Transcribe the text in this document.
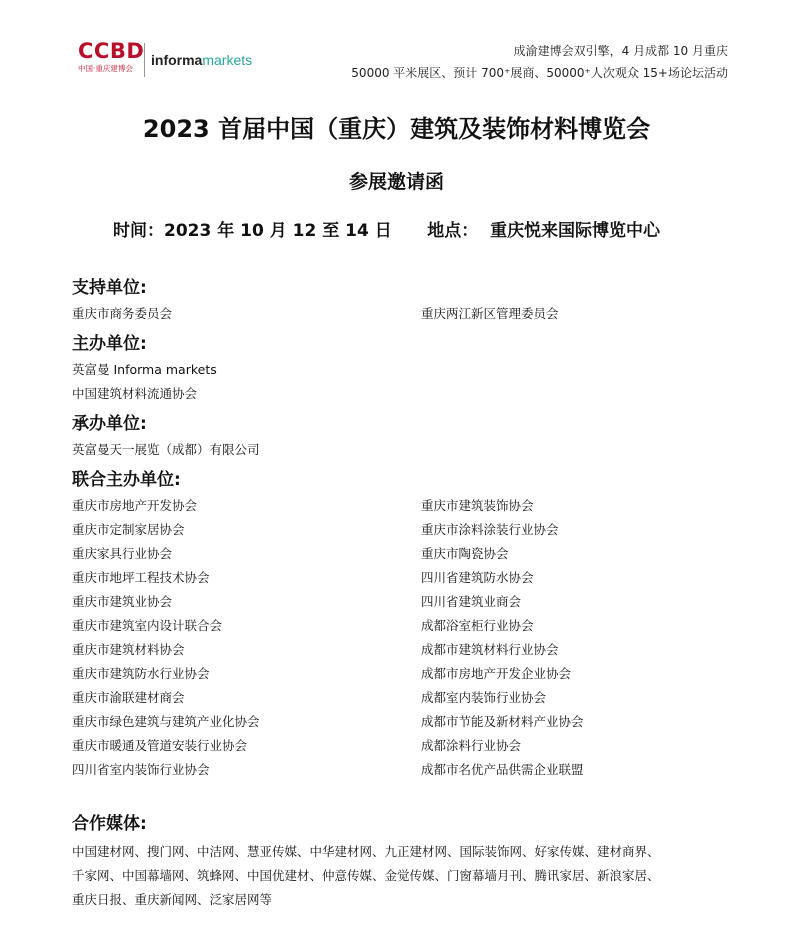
CCBD
中国·重庆建博会
informamarkets
成渝建博会双引擎，4 月成都 10 月重庆
50000 平米展区、预计 700⁺展商、50000⁺人次观众 15+场论坛活动
2023 首届中国（重庆）建筑及装饰材料博览会
参展邀请函
时间：2023 年 10 月 12 至 14 日      地点：  重庆悦来国际博览中心
支持单位:
重庆市商务委员会	重庆两江新区管理委员会
主办单位:
英富曼 Informa markets
中国建筑材料流通协会
承办单位:
英富曼天一展览（成都）有限公司
联合主办单位:
重庆市房地产开发协会
重庆市定制家居协会
重庆家具行业协会
重庆市地坪工程技术协会
重庆市建筑业协会
重庆市建筑室内设计联合会
重庆市建筑材料协会
重庆市建筑防水行业协会
重庆市渝联建材商会
重庆市绿色建筑与建筑产业化协会
重庆市暖通及管道安装行业协会
四川省室内装饰行业协会
重庆市建筑装饰协会
重庆市涂料涂装行业协会
重庆市陶瓷协会
四川省建筑防水协会
四川省建筑业商会
成都浴室柜行业协会
成都市建筑材料行业协会
成都市房地产开发企业协会
成都室内装饰行业协会
成都市节能及新材料产业协会
成都涂料行业协会
成都市名优产品供需企业联盟
合作媒体:
中国建材网、搜门网、中洁网、慧亚传媒、中华建材网、九正建材网、国际装饰网、好家传媒、建材商界、
千家网、中国幕墙网、筑蜂网、中国优建材、仲意传媒、金觉传媒、门窗幕墙月刊、腾讯家居、新浪家居、
重庆日报、重庆新闻网、泛家居网等
